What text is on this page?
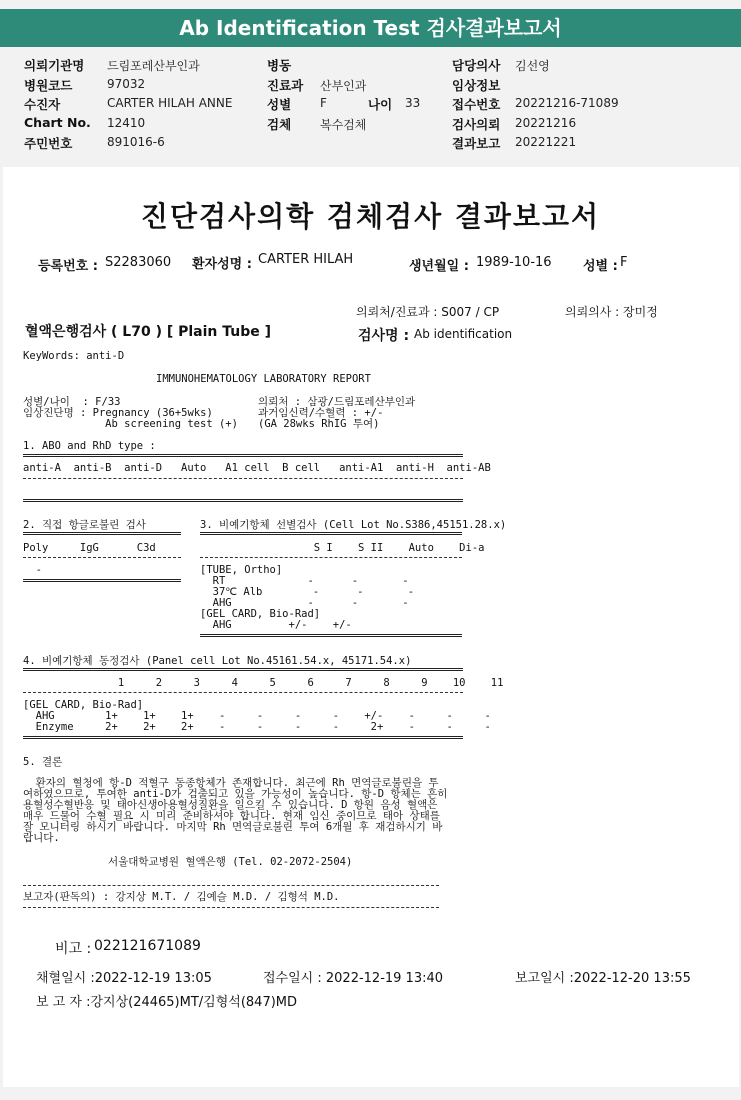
Ab Identification Test 검사결과보고서
의뢰기관명 드림포레산부인과
병원코드	97032
수진자	CARTER HILAH ANNE
Chart No. 12410
주민번호	891016-6
병동
진료과 산부인과
성별 F	나이 33
검체 복수검체
담당의사 김선영
임상정보
접수번호 20221216-71089
검사의뢰 20221216
결과보고 20221221
진단검사의학 검체검사 결과보고서
등록번호 : S2283060 환자성명 : CARTER HILAH	생년월일 : 1989-10-16 성별 : F
의뢰처/진료과 : S007 / CP	의뢰의사 : 장미정
혈액은행검사 ( L70 ) [ Plain Tube ]	검사명 : Ab identification
KeyWords: anti-D
IMMUNOHEMATOLOGY LABORATORY REPORT
성별/나이  : F/33
임상진단명 : Pregnancy (36+5wks)
Ab screening test (+)
의뢰처 : 삼광/드림포레산부인과
과거임신력/수혈력 : +/-
(GA 28wks RhIG 투여)
1. ABO and RhD type :
anti-A  anti-B  anti-D   Auto   A1 cell  B cell   anti-A1  anti-H  anti-AB
2. 직접 항글로불린 검사
Poly     IgG      C3d
-
3. 비예기항체 선별검사 (Cell Lot No.S386,45151.28.x)
S I    S II    Auto    Di-a
[TUBE, Ortho]
RT             -      -       -
37℃ Alb        -      -       -
AHG            -      -       -
[GEL CARD, Bio-Rad]
AHG         +/-    +/-
4. 비예기항체 동정검사 (Panel cell Lot No.45161.54.x, 45171.54.x)
1     2     3     4     5     6     7     8     9    10    11
[GEL CARD, Bio-Rad]
AHG        1+    1+    1+    -     -     -     -    +/-    -     -     -
Enzyme     2+    2+    2+    -     -     -     -     2+    -     -     -
5. 결론
환자의 혈청에 항-D 적혈구 동종항체가 존재합니다. 최근에 Rh 면역글로불린을 투
여하였으므로, 투여한 anti-D가 검출되고 있을 가능성이 높습니다. 항-D 항체는 흔히
용혈성수혈반응 및 태아신생아용혈성질환을 일으킬 수 있습니다. D 항원 음성 혈액은
매우 드물어 수혈 필요 시 미리 준비하셔야 합니다. 현재 임신 중이므로 태아 상태를
잘 모니터링 하시기 바랍니다. 마지막 Rh 면역글로불린 투여 6개월 후 재검하시기 바
랍니다.
서울대학교병원 혈액은행 (Tel. 02-2072-2504)
보고자(판독의) : 강지상 M.T. / 김예슬 M.D. / 김형석 M.D.
비고 : 022121671089
채혈일시 :2022-12-19 13:05	접수일시 : 2022-12-19 13:40	보고일시 :2022-12-20 13:55
보 고 자 :강지상(24465)MT/김형석(847)MD
